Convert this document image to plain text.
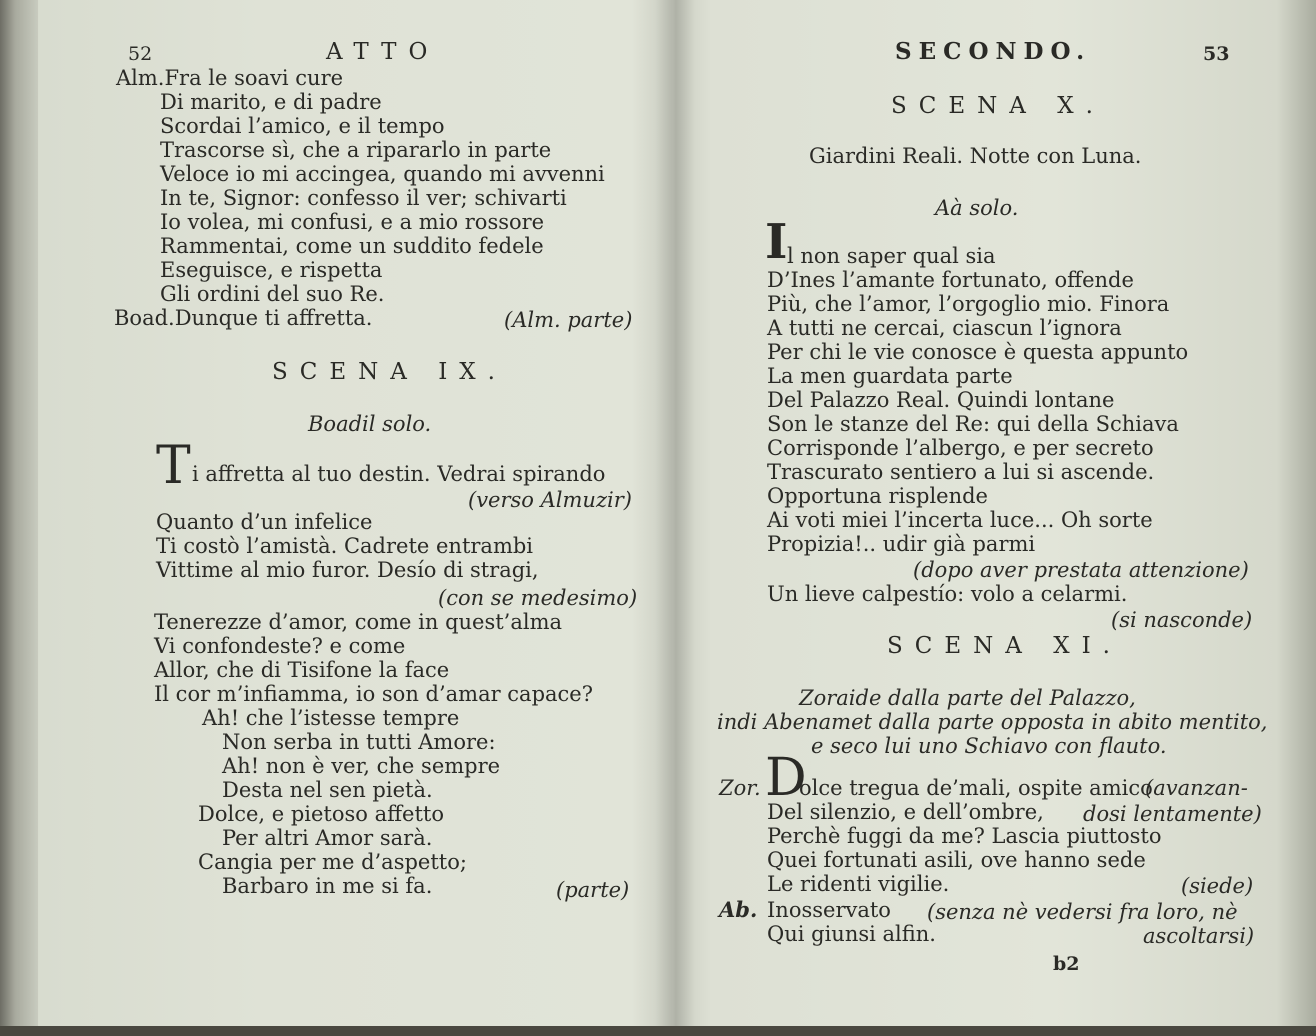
52	ATTO
Alm.Fra le soavi cure
Di marito, e di padre
Scordai l’amico, e il tempo
Trascorse sì, che a ripararlo in parte
Veloce io mi accingea, quando mi avvenni
In te, Signor: confesso il ver; schivarti
Io volea, mi confusi, e a mio rossore
Rammentai, come un suddito fedele
Eseguisce, e rispetta
Gli ordini del suo Re.
Boad.Dunque ti affretta.	(Alm. parte)
SCENA IX.
Boadil solo.
T i affretta al tuo destin. Vedrai spirando
(verso Almuzir)
Quanto d’un infelice
Ti costò l’amistà. Cadrete entrambi
Vittime al mio furor. Desío di stragi,
(con se medesimo)
Tenerezze d’amor, come in quest’alma
Vi confondeste? e come
Allor, che di Tisifone la face
Il cor m’infiamma, io son d’amar capace?
Ah! che l’istesse tempre
Non serba in tutti Amore:
Ah! non è ver, che sempre
Desta nel sen pietà.
Dolce, e pietoso affetto
Per altri Amor sarà.
Cangia per me d’aspetto;
Barbaro in me si fa.	(parte)
SECONDO.	53
SCENA X.
Giardini Reali. Notte con Luna.
Aà solo.
I l non saper qual sia
D’Ines l’amante fortunato, offende
Più, che l’amor, l’orgoglio mio. Finora
A tutti ne cercai, ciascun l’ignora
Per chi le vie conosce è questa appunto
La men guardata parte
Del Palazzo Real. Quindi lontane
Son le stanze del Re: qui della Schiava
Corrisponde l’albergo, e per secreto
Trascurato sentiero a lui si ascende.
Opportuna risplende
Ai voti miei l’incerta luce... Oh sorte
Propizia!.. udir già parmi
(dopo aver prestata attenzione)
Un lieve calpestío: volo a celarmi.
(si nasconde)
SCENA XI.
Zoraide dalla parte del Palazzo,
indi Abenamet dalla parte opposta in abito mentito,
e seco lui uno Schiavo con flauto.
Zor. D
olce tregua de’mali, ospite amico
(avanzan-
Del silenzio, e dell’ombre, dosi lentamente)
Perchè fuggi da me? Lascia piuttosto
Quei fortunati asili, ove hanno sede
Le ridenti vigilie.	(siede)
Ab. Inosservato (senza nè vedersi fra loro, nè
Qui giunsi alfin.	ascoltarsi)
b2
